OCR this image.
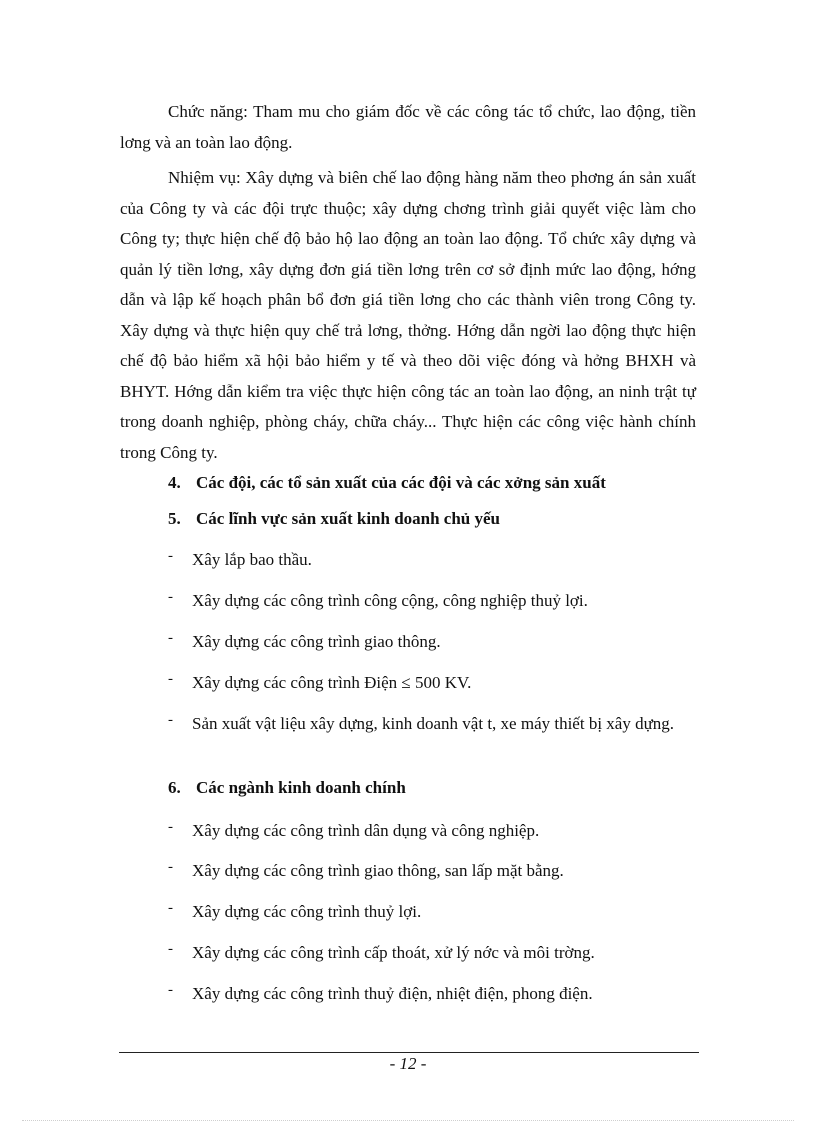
Chức năng: Tham mu cho giám đốc về các công tác tổ chức, lao động, tiền lơng và an toàn lao động.

Nhiệm vụ: Xây dựng và biên chế lao động hàng năm theo phơng án sản xuất của Công ty và các đội trực thuộc; xây dựng chơng trình giải quyết việc làm cho Công ty; thực hiện chế độ bảo hộ lao động an toàn lao động. Tổ chức xây dựng và quản lý tiền lơng, xây dựng đơn giá tiền lơng trên cơ sở định mức lao động, hớng dẫn và lập kế hoạch phân bổ đơn giá tiền lơng cho các thành viên trong Công ty. Xây dựng và thực hiện quy chế trả lơng, thởng. Hớng dẫn ngời lao động thực hiện chế độ bảo hiểm xã hội bảo hiểm y tế và theo dõi việc đóng và hởng BHXH và BHYT. Hớng dẫn kiểm tra việc thực hiện công tác an toàn lao động, an ninh trật tự trong doanh nghiệp, phòng cháy, chữa cháy... Thực hiện các công việc hành chính trong Công ty.

4. Các đội, các tổ sản xuất của các đội và các xởng sản xuất
5. Các lĩnh vực sản xuất kinh doanh chủ yếu
-	Xây lắp bao thầu.
-	Xây dựng các công trình công cộng, công nghiệp thuỷ lợi.
-	Xây dựng các công trình giao thông.
-	Xây dựng các công trình Điện ≤ 500 KV.
-	Sản xuất vật liệu xây dựng, kinh doanh vật t, xe máy thiết bị xây dựng.
6. Các ngành kinh doanh chính
-	Xây dựng các công trình dân dụng và công nghiệp.
-	Xây dựng các công trình giao thông, san lấp mặt bằng.
-	Xây dựng các công trình thuỷ lợi.
-	Xây dựng các công trình cấp thoát, xử lý nớc và môi trờng.
-	Xây dựng các công trình thuỷ điện, nhiệt điện, phong điện.
- 12 -
